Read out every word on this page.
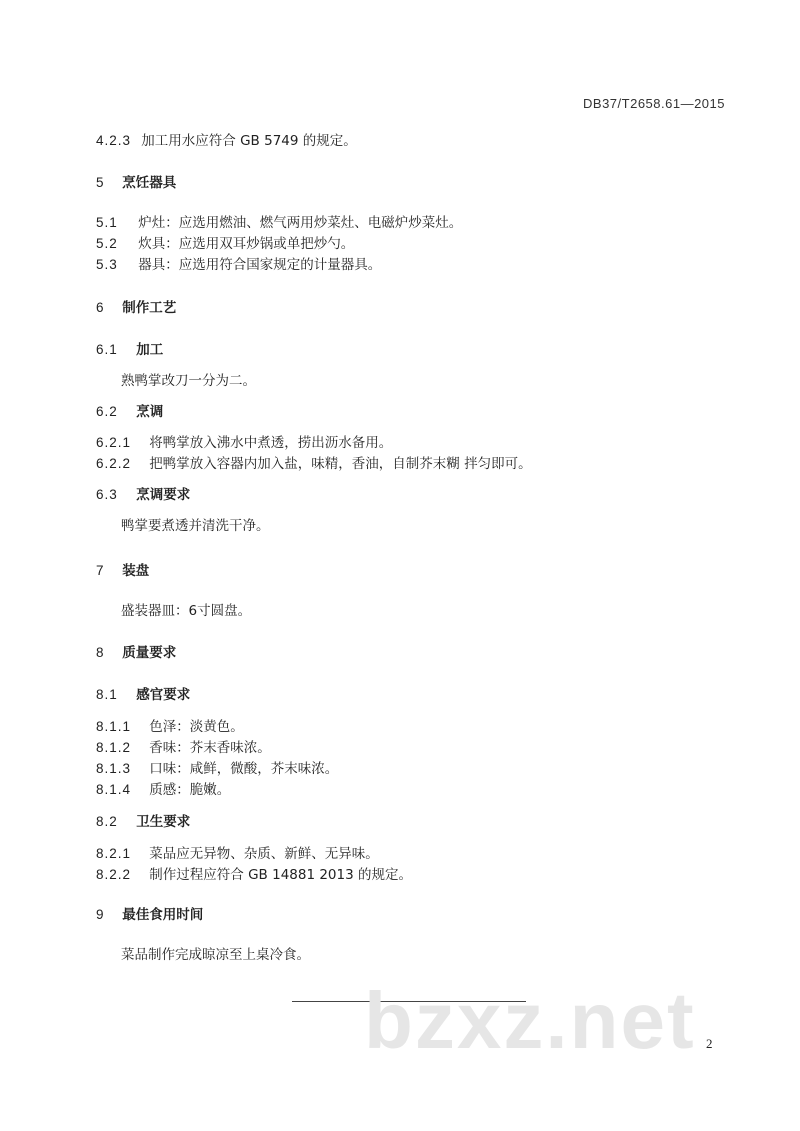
DB37/T2658.61—2015
4.2.3 加工用水应符合 GB 5749 的规定。
5 烹饪器具
5.1 炉灶：应选用燃油、燃气两用炒菜灶、电磁炉炒菜灶。
5.2 炊具：应选用双耳炒锅或单把炒勺。
5.3 器具：应选用符合国家规定的计量器具。
6 制作工艺
6.1 加工
熟鸭掌改刀一分为二。
6.2 烹调
6.2.1 将鸭掌放入沸水中煮透，捞出沥水备用。
6.2.2 把鸭掌放入容器内加入盐，味精，香油，自制芥末糊 拌匀即可。
6.3 烹调要求
鸭掌要煮透并清洗干净。
7 装盘
盛装器皿：6寸圆盘。
8 质量要求
8.1 感官要求
8.1.1 色泽：淡黄色。
8.1.2 香味：芥末香味浓。
8.1.3 口味：咸鲜，微酸，芥末味浓。
8.1.4 质感：脆嫩。
8.2 卫生要求
8.2.1 菜品应无异物、杂质、新鲜、无异味。
8.2.2 制作过程应符合 GB 14881 2013 的规定。
9 最佳食用时间
菜品制作完成晾凉至上桌冷食。
bzxz.net 2
